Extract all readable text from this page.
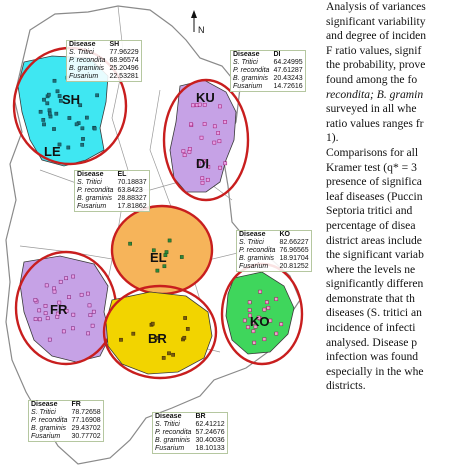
SH
LE
KU
DI
EL
FR
BR
KO
N
Disease	SH
S. Tritici	77.96229
P. recondita	68.96574
B. graminis	25.20496
Fusarium	22.53281
Disease	DI
S. Tritici	64.24995
P. recondita	47.61287
B. graminis	20.43243
Fusarium	14.72616
Disease	EL
S. Tritici	70.18837
P. recondita	63.8423
B. graminis	28.88327
Fusarium	17.81862
Disease	KO
S. Tritici	82.66227
P. recondita	76.96565
B. graminis	18.91704
Fusarium	20.81252
Disease	FR
S. Tritici	78.72658
P. recondita	77.16908
B. graminis	29.43702
Fusarium	30.77702
Disease	BR
S. Tritici	62.41212
P. recondita	57.24676
B. graminis	30.40036
Fusarium	18.10133

Analysis of variances

significant variability

and degree of inciden

F ratio values, signif

the probability, prove

found among the fo

recondita; B. gramin

surveyed in all whe

ratio values ranges fr

1).

Comparisons for all

Kramer test (q* = 3

presence of significa

leaf diseases (Puccin

Septoria tritici and

percentage of disea

district areas include

the significant variab

where the levels ne

significantly differen

demonstrate that th

diseases (S. tritici an

incidence of infecti

analysed. Disease p

infection was found

especially in the whe

districts.
